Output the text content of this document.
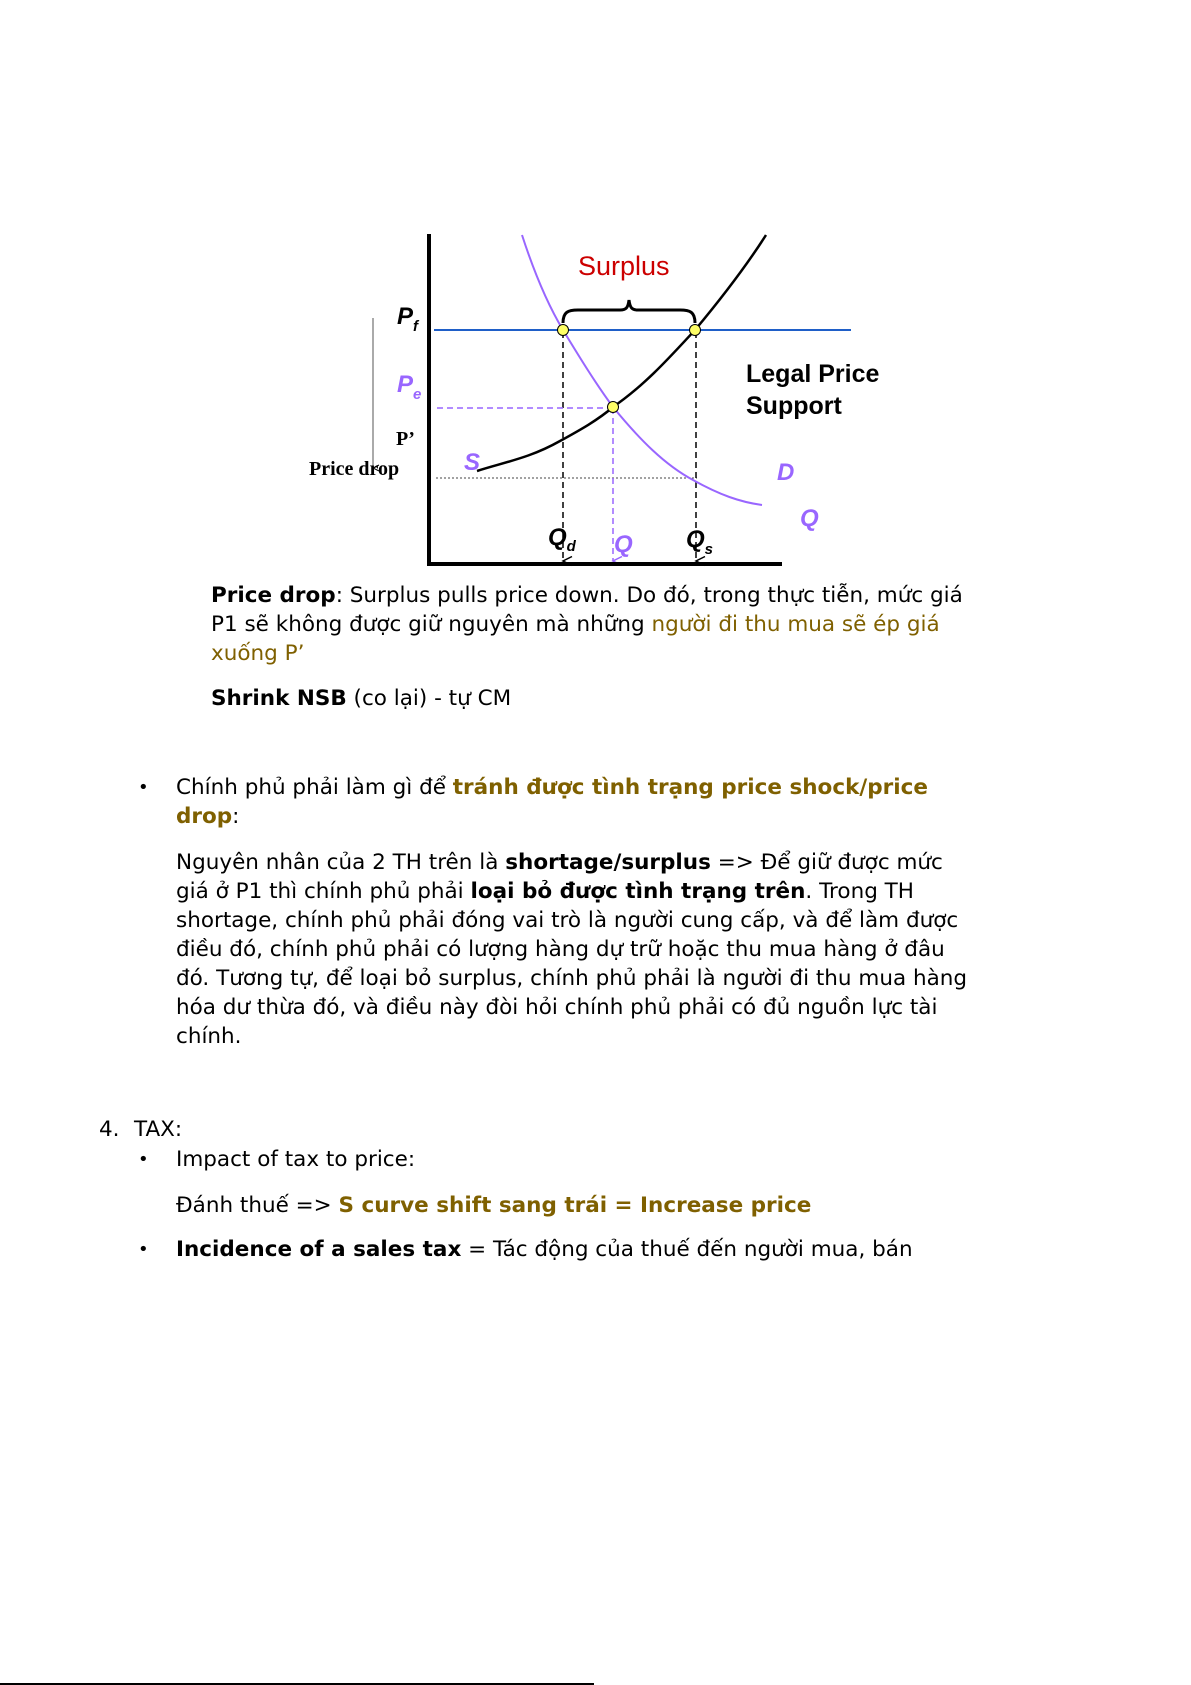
Surplus
$P_f$
$P_e$
P’
Price drop	S	D
Q
$Q_d$ Q $Q_s$
Legal Price Support
Price drop: Surplus pulls price down. Do đó, trong thực tiễn, mức giá
P1 sẽ không được giữ nguyên mà những người đi thu mua sẽ ép giá
xuống P’
Shrink NSB (co lại) - tự CM
Chính phủ phải làm gì để tránh được tình trạng price shock/price
drop:
Nguyên nhân của 2 TH trên là shortage/surplus => Để giữ được mức
giá ở P1 thì chính phủ phải loại bỏ được tình trạng trên. Trong TH
shortage, chính phủ phải đóng vai trò là người cung cấp, và để làm được
điều đó, chính phủ phải có lượng hàng dự trữ hoặc thu mua hàng ở đâu
đó. Tương tự, để loại bỏ surplus, chính phủ phải là người đi thu mua hàng
hóa dư thừa đó, và điều này đòi hỏi chính phủ phải có đủ nguồn lực tài
chính.
TAX:
Impact of tax to price:
Đánh thuế => S curve shift sang trái = Increase price
Incidence of a sales tax = Tác động của thuế đến người mua, bán
•
4.
•
•
